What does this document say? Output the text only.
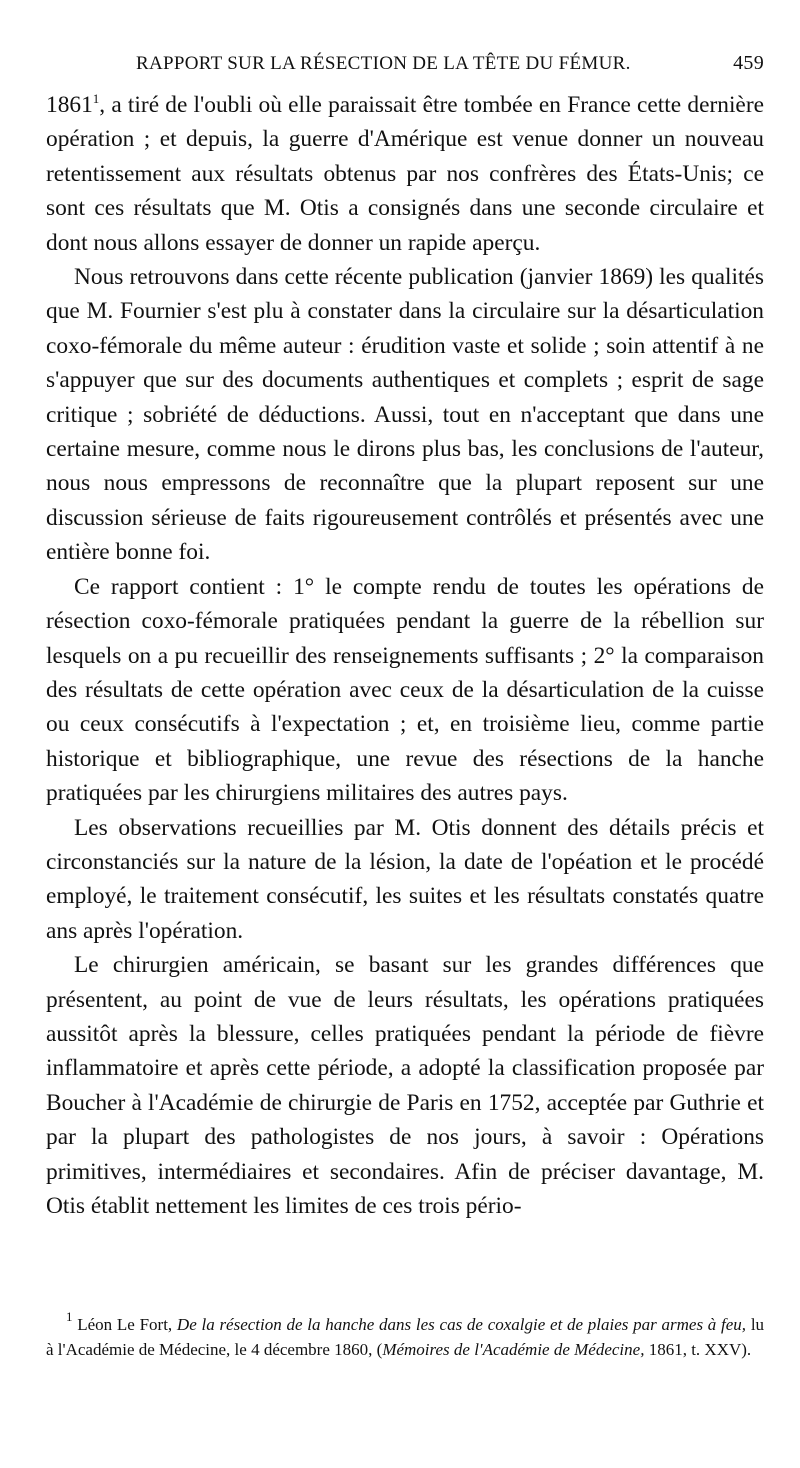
RAPPORT SUR LA RÉSECTION DE LA TÊTE DU FÉMUR.	459

1861$^1$, a tiré de l'oubli où elle paraissait être tombée en France cette dernière opération ; et depuis, la guerre d'Amérique est venue donner un nouveau retentissement aux résultats obtenus par nos confrères des États-Unis; ce sont ces résultats que M. Otis a consignés dans une seconde circulaire et dont nous allons essayer de donner un rapide aperçu.

Nous retrouvons dans cette récente publication (janvier 1869) les qualités que M. Fournier s'est plu à constater dans la circulaire sur la désarticulation coxo-fémorale du même auteur : érudition vaste et solide ; soin attentif à ne s'appuyer que sur des documents authentiques et complets ; esprit de sage critique ; sobriété de déductions. Aussi, tout en n'acceptant que dans une certaine mesure, comme nous le dirons plus bas, les conclusions de l'auteur, nous nous empressons de reconnaître que la plupart reposent sur une discussion sérieuse de faits rigoureusement contrôlés et présentés avec une entière bonne foi.

Ce rapport contient : 1° le compte rendu de toutes les opérations de résection coxo-fémorale pratiquées pendant la guerre de la rébellion sur lesquels on a pu recueillir des renseignements suffisants ; 2° la comparaison des résultats de cette opération avec ceux de la désarticulation de la cuisse ou ceux consécutifs à l'expectation ; et, en troisième lieu, comme partie historique et bibliographique, une revue des résections de la hanche pratiquées par les chirurgiens militaires des autres pays.

Les observations recueillies par M. Otis donnent des détails précis et circonstanciés sur la nature de la lésion, la date de l'opéation et le procédé employé, le traitement consécutif, les suites et les résultats constatés quatre ans après l'opération.

Le chirurgien américain, se basant sur les grandes différences que présentent, au point de vue de leurs résultats, les opérations pratiquées aussitôt après la blessure, celles pratiquées pendant la période de fièvre inflammatoire et après cette période, a adopté la classification proposée par Boucher à l'Académie de chirurgie de Paris en 1752, acceptée par Guthrie et par la plupart des pathologistes de nos jours, à savoir : Opérations primitives, intermédiaires et secondaires. Afin de préciser davantage, M. Otis établit nettement les limites de ces trois pério-

$^1$ Léon Le Fort, De la résection de la hanche dans les cas de coxalgie et de plaies par armes à feu, lu à l'Académie de Médecine, le 4 décembre 1860, (Mémoires de l'Académie de Médecine, 1861, t. XXV).
